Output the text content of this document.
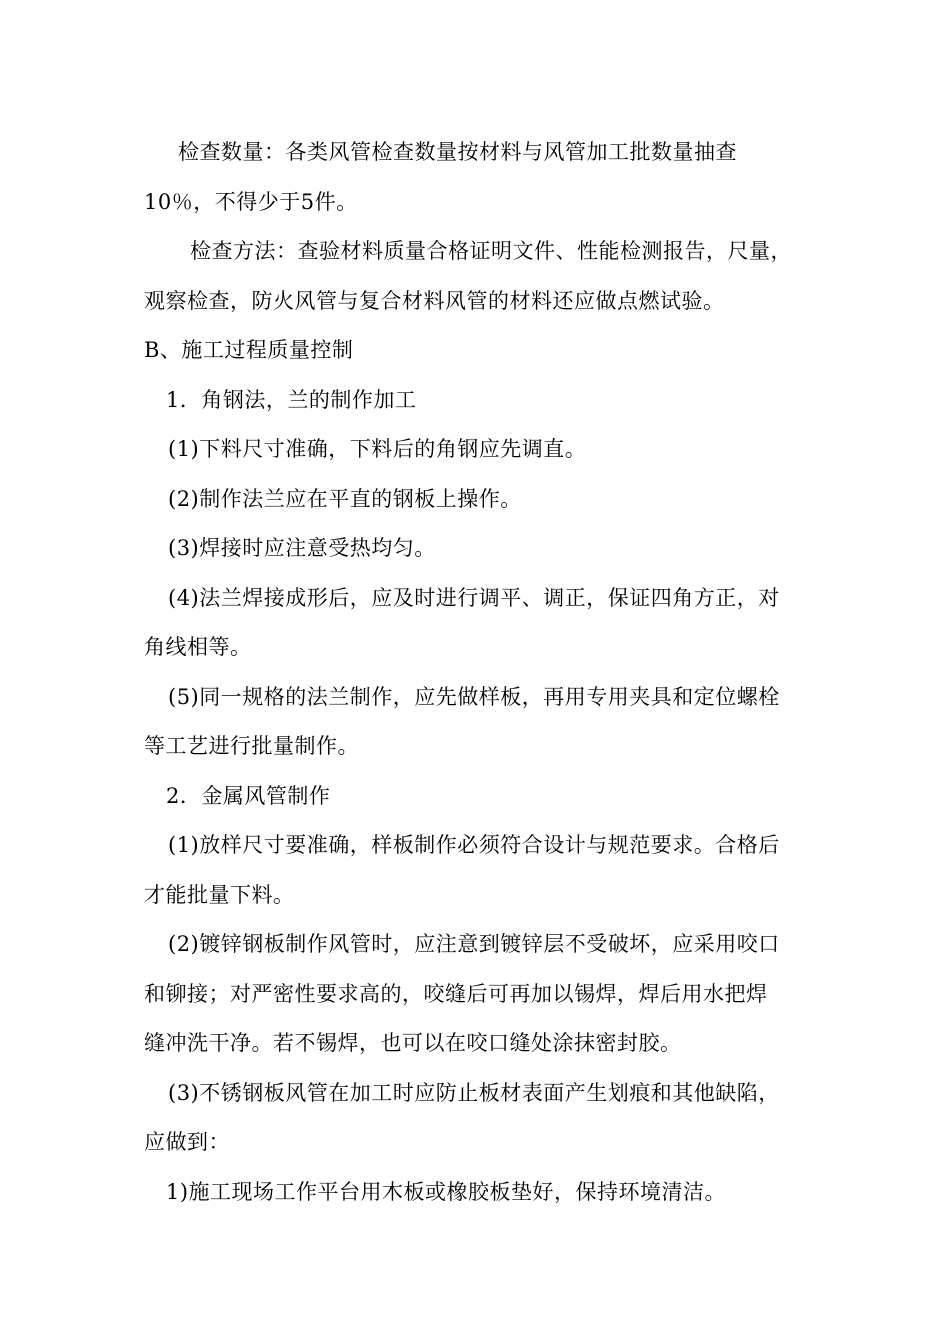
检查数量：各类风管检查数量按材料与风管加工批数量抽查
10％，不得少于5件。
检查方法：查验材料质量合格证明文件、性能检测报告，尺量，
观察检查，防火风管与复合材料风管的材料还应做点燃试验。
B、施工过程质量控制
1．角钢法，兰的制作加工
(1)下料尺寸准确，下料后的角钢应先调直。
(2)制作法兰应在平直的钢板上操作。
(3)焊接时应注意受热均匀。
(4)法兰焊接成形后，应及时进行调平、调正，保证四角方正，对
角线相等。
(5)同一规格的法兰制作，应先做样板，再用专用夹具和定位螺栓
等工艺进行批量制作。
2．金属风管制作
(1)放样尺寸要准确，样板制作必须符合设计与规范要求。合格后
才能批量下料。
(2)镀锌钢板制作风管时，应注意到镀锌层不受破坏，应采用咬口
和铆接；对严密性要求高的，咬缝后可再加以锡焊，焊后用水把焊
缝冲洗干净。若不锡焊，也可以在咬口缝处涂抹密封胶。
(3)不锈钢板风管在加工时应防止板材表面产生划痕和其他缺陷，
应做到：
1)施工现场工作平台用木板或橡胶板垫好，保持环境清洁。
